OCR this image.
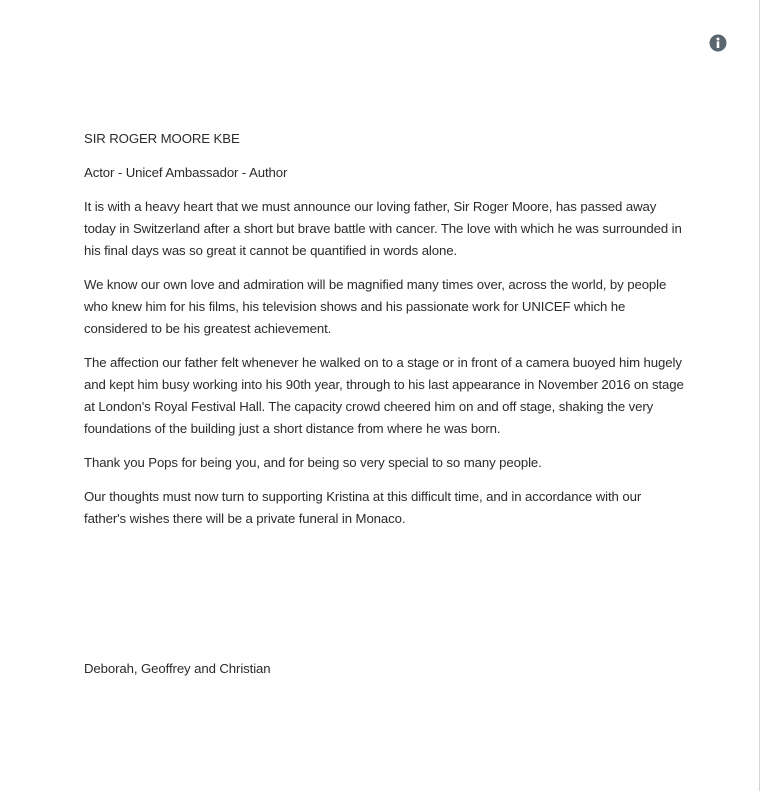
SIR ROGER MOORE KBE

Actor - Unicef Ambassador - Author

It is with a heavy heart that we must announce our loving father, Sir Roger Moore, has passed away today in Switzerland after a short but brave battle with cancer. The love with which he was surrounded in his final days was so great it cannot be quantified in words alone.

We know our own love and admiration will be magnified many times over, across the world, by people who knew him for his films, his television shows and his passionate work for UNICEF which he considered to be his greatest achievement.

The affection our father felt whenever he walked on to a stage or in front of a camera buoyed him hugely and kept him busy working into his 90th year, through to his last appearance in November 2016 on stage at London's Royal Festival Hall. The capacity crowd cheered him on and off stage, shaking the very foundations of the building just a short distance from where he was born.

Thank you Pops for being you, and for being so very special to so many people.

Our thoughts must now turn to supporting Kristina at this difficult time, and in accordance with our father's wishes there will be a private funeral in Monaco.

Deborah, Geoffrey and Christian
